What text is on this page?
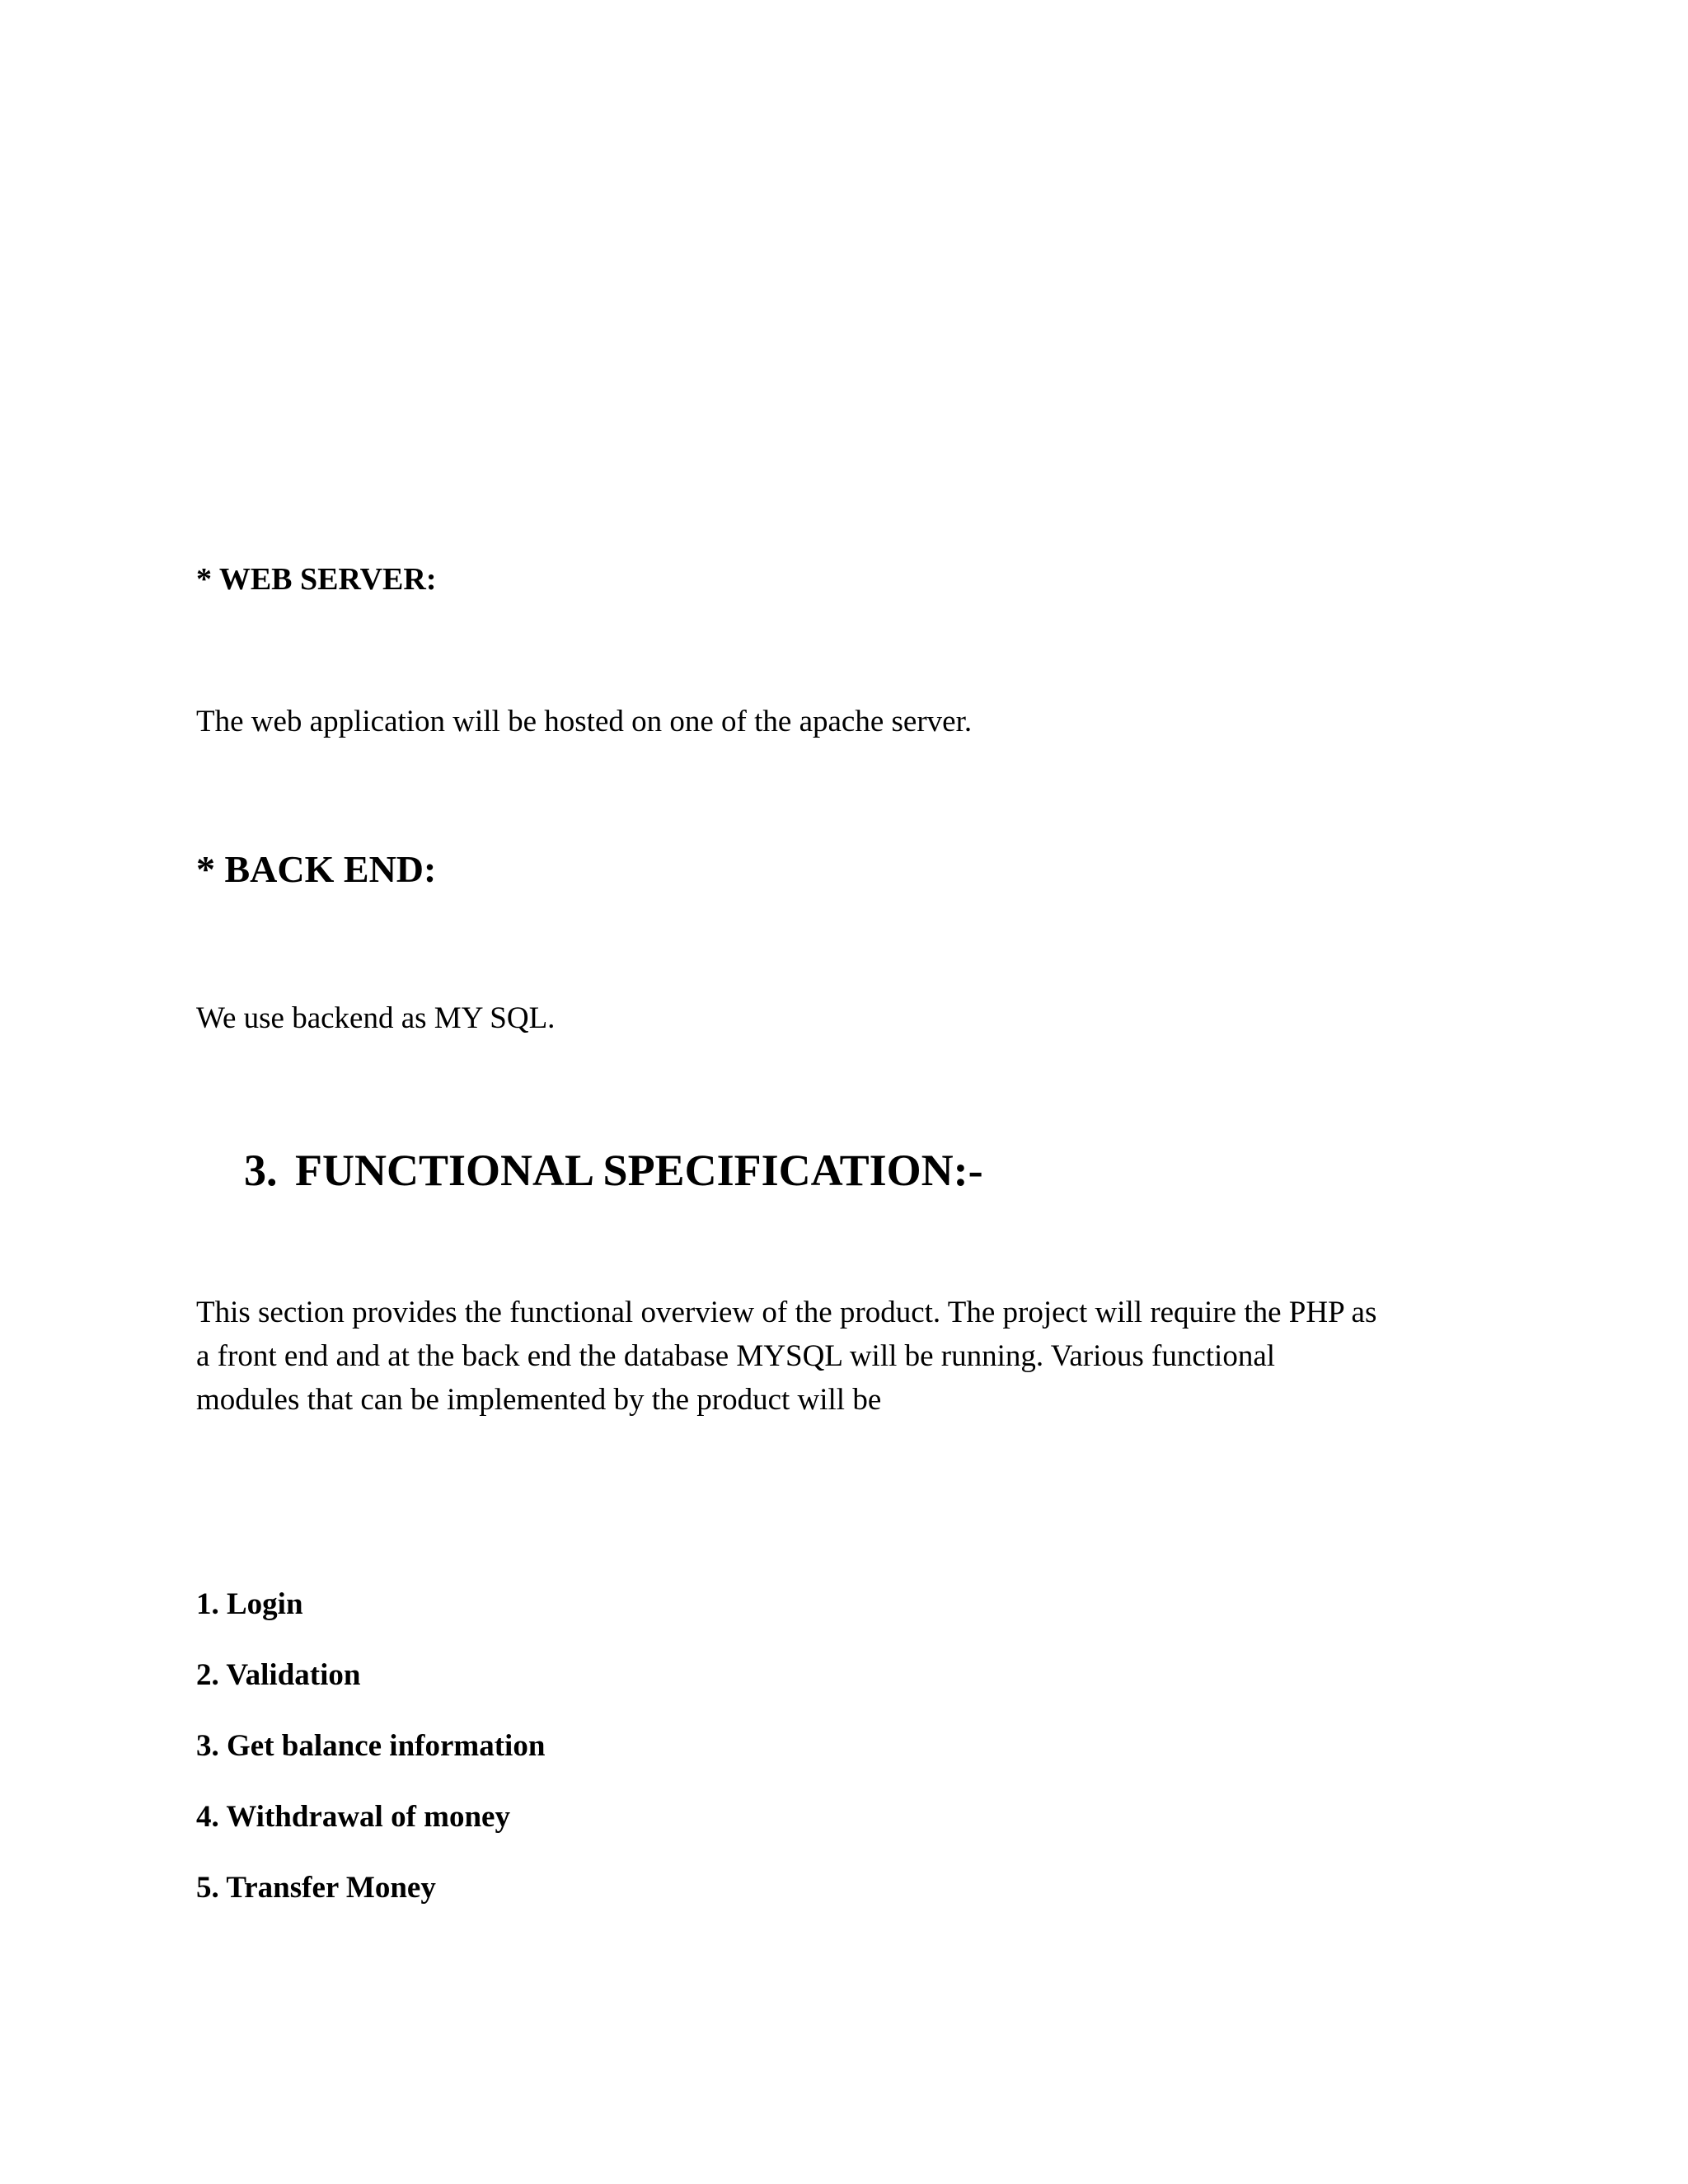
* WEB SERVER:

The web application will be hosted on one of the apache server.

* BACK END:

We use backend as MY SQL.

3. FUNCTIONAL SPECIFICATION:-

This section provides the functional overview of the product. The project will require the PHP as
a front end and at the back end the database MYSQL will be running. Various functional
modules that can be implemented by the product will be

1. Login
2. Validation
3. Get balance information
4. Withdrawal of money
5. Transfer Money
